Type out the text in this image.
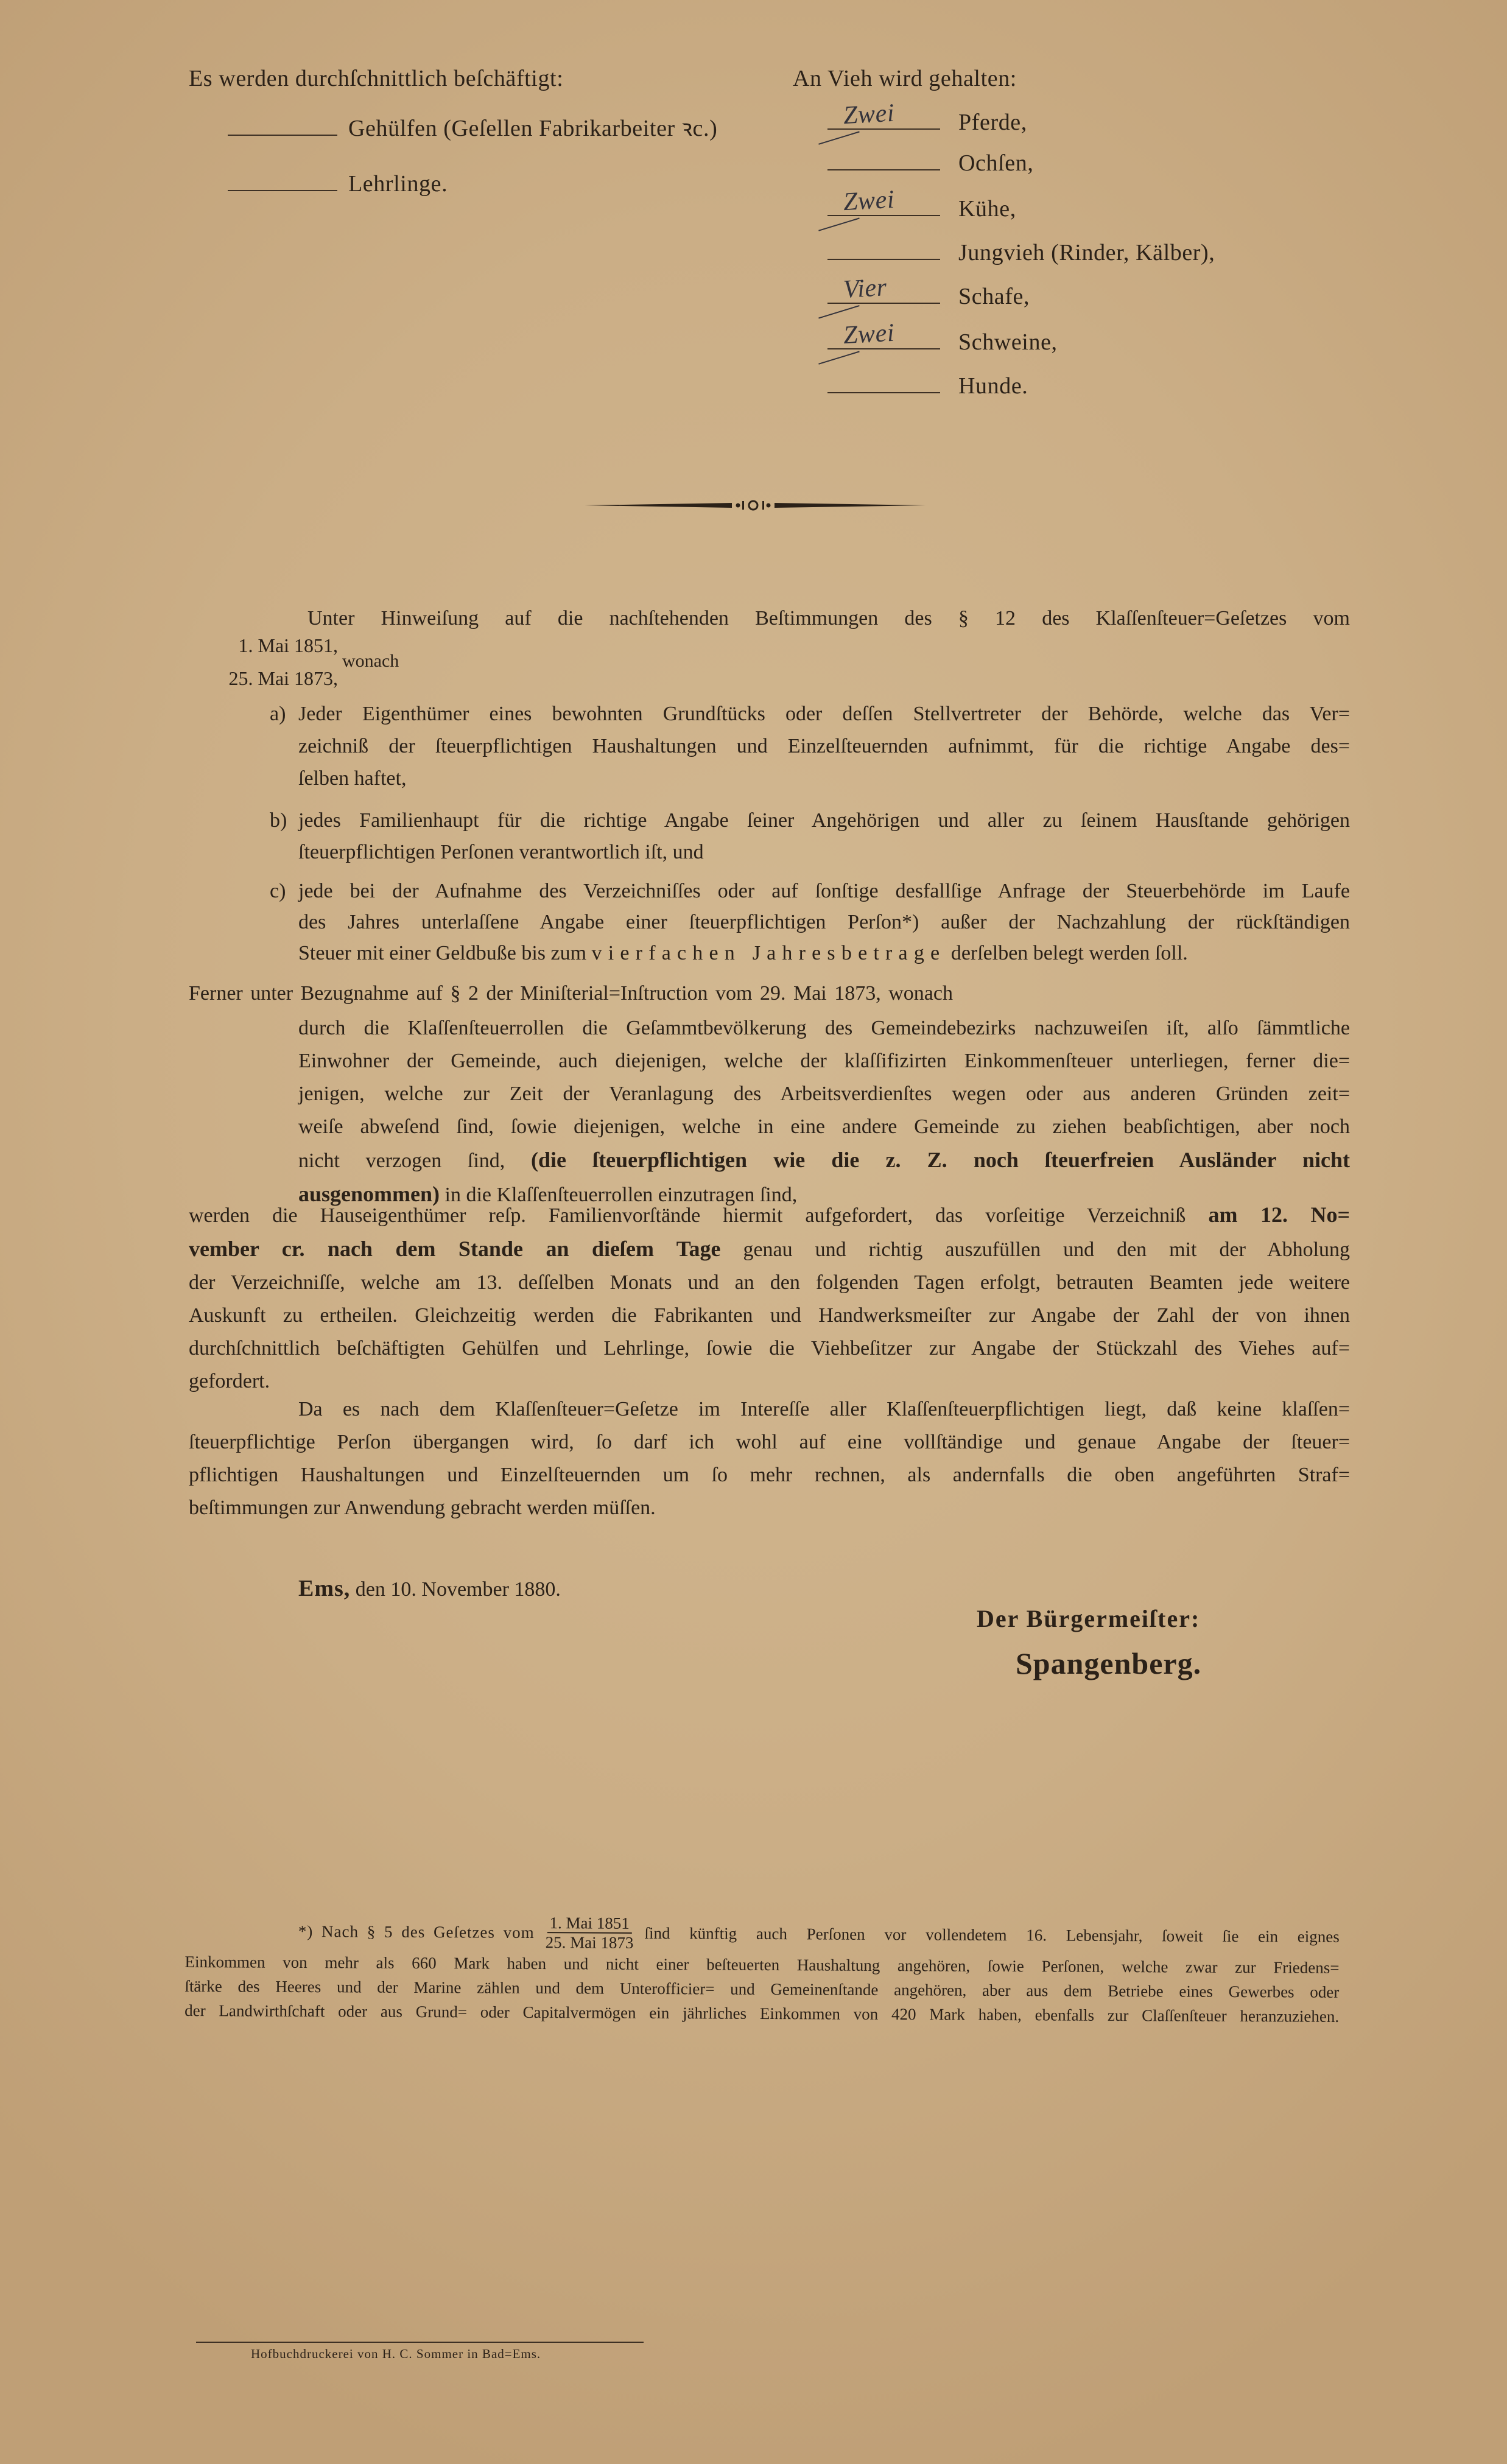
Es werden durchſchnittlich beſchäftigt:
Gehülfen (Geſellen Fabrikarbeiter ꝛc.)
Lehrlinge.
An Vieh wird gehalten:
Zwei	Pferde,
Ochſen,
Zwei	Kühe,
Jungvieh (Rinder, Kälber),
Vier	Schafe,
Zwei	Schweine,
Hunde.
Unter Hinweiſung auf die nachſtehenden Beſtimmungen des § 12 des Klaſſenſteuer=Geſetzes vom
1. Mai 1851,
25. Mai 1873,
wonach
a) Jeder Eigenthümer eines bewohnten Grundſtücks oder deſſen Stellvertreter der Behörde, welche das Ver=
zeichniß der ſteuerpflichtigen Haushaltungen und Einzelſteuernden aufnimmt, für die richtige Angabe des=
ſelben haftet,
b) jedes Familienhaupt für die richtige Angabe ſeiner Angehörigen und aller zu ſeinem Hausſtande gehörigen
ſteuerpflichtigen Perſonen verantwortlich iſt, und
c) jede bei der Aufnahme des Verzeichniſſes oder auf ſonſtige desfallſige Anfrage der Steuerbehörde im Laufe
des Jahres unterlaſſene Angabe einer ſteuerpflichtigen Perſon*) außer der Nachzahlung der rückſtändigen
Steuer mit einer Geldbuße bis zum vierfachen Jahresbetrage derſelben belegt werden ſoll.
Ferner unter Bezugnahme auf § 2 der Miniſterial=Inſtruction vom 29. Mai 1873, wonach
durch die Klaſſenſteuerrollen die Geſammtbevölkerung des Gemeindebezirks nachzuweiſen iſt, alſo ſämmtliche
Einwohner der Gemeinde, auch diejenigen, welche der klaſſifizirten Einkommenſteuer unterliegen, ferner die=
jenigen, welche zur Zeit der Veranlagung des Arbeitsverdienſtes wegen oder aus anderen Gründen zeit=
weiſe abweſend ſind, ſowie diejenigen, welche in eine andere Gemeinde zu ziehen beabſichtigen, aber noch
nicht verzogen ſind, (die ſteuerpflichtigen wie die z. Z. noch ſteuerfreien Ausländer nicht
ausgenommen) in die Klaſſenſteuerrollen einzutragen ſind,
werden die Hauseigenthümer reſp. Familienvorſtände hiermit aufgefordert, das vorſeitige Verzeichniß am 12. No=
vember cr. nach dem Stande an dieſem Tage genau und richtig auszufüllen und den mit der Abholung
der Verzeichniſſe, welche am 13. deſſelben Monats und an den folgenden Tagen erfolgt, betrauten Beamten jede weitere
Auskunft zu ertheilen. Gleichzeitig werden die Fabrikanten und Handwerksmeiſter zur Angabe der Zahl der von ihnen
durchſchnittlich beſchäftigten Gehülfen und Lehrlinge, ſowie die Viehbeſitzer zur Angabe der Stückzahl des Viehes auf=
gefordert.
Da es nach dem Klaſſenſteuer=Geſetze im Intereſſe aller Klaſſenſteuerpflichtigen liegt, daß keine klaſſen=
ſteuerpflichtige Perſon übergangen wird, ſo darf ich wohl auf eine vollſtändige und genaue Angabe der ſteuer=
pflichtigen Haushaltungen und Einzelſteuernden um ſo mehr rechnen, als andernfalls die oben angeführten Straf=
beſtimmungen zur Anwendung gebracht werden müſſen.
Ems, den 10. November 1880.
Der Bürgermeiſter:
Spangenberg.
*) Nach § 5 des Geſetzes vom $\frac{\text{1. Mai 1851}}{\text{25. Mai 1873}}$ ſind künftig auch Perſonen vor vollendetem 16. Lebensjahr, ſoweit ſie ein eignes
Einkommen von mehr als 660 Mark haben und nicht einer beſteuerten Haushaltung angehören, ſowie Perſonen, welche zwar zur Friedens=
ſtärke des Heeres und der Marine zählen und dem Unterofficier= und Gemeinenſtande angehören, aber aus dem Betriebe eines Gewerbes oder
der Landwirthſchaft oder aus Grund= oder Capitalvermögen ein jährliches Einkommen von 420 Mark haben, ebenfalls zur Claſſenſteuer heranzuziehen.
Hofbuchdruckerei von H. C. Sommer in Bad=Ems.
